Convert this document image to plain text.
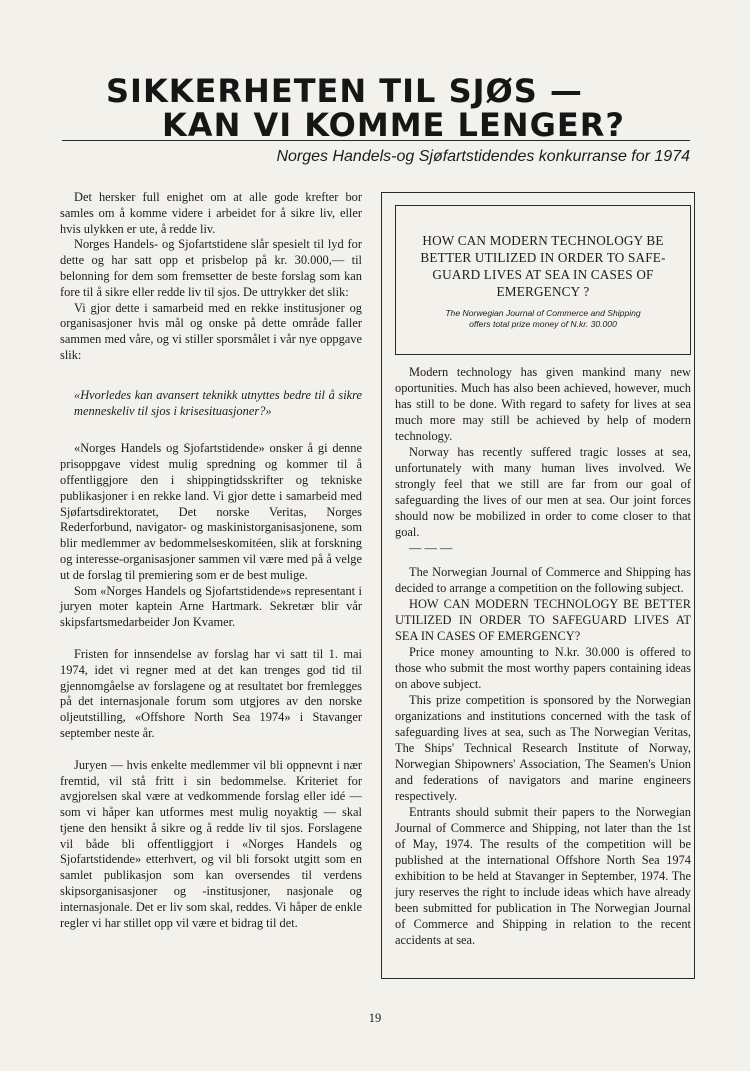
SIKKERHETEN TIL SJØS —
KAN VI KOMME LENGER?
Norges Handels-og Sjøfartstidendes konkurranse for 1974

Det hersker full enighet om at alle gode krefter bor samles om å komme videre i arbeidet for å sikre liv, eller hvis ulykken er ute, å redde liv.

Norges Handels- og Sjofartstidene slår spesielt til lyd for dette og har satt opp et prisbelop på kr. 30.000,— til belonning for dem som fremsetter de beste forslag som kan fore til å sikre eller redde liv til sjos. De uttrykker det slik:

Vi gjor dette i samarbeid med en rekke institusjoner og organisasjoner hvis mål og onske på dette område faller sammen med våre, og vi stiller sporsmålet i vår nye oppgave slik:

«Hvorledes kan avansert teknikk utnyttes bedre til å sikre menneskeliv til sjos i krisesituasjoner?»

«Norges Handels og Sjofartstidende» onsker å gi denne prisoppgave videst mulig spredning og kommer til å offentliggjore den i shippingtidsskrifter og tekniske publikasjoner i en rekke land. Vi gjor dette i samarbeid med Sjøfartsdirektoratet, Det norske Veritas, Norges Rederforbund, navigator- og maskinistorganisasjonene, som blir medlemmer av bedommelseskomitéen, slik at forskning og interesse-organisasjoner sammen vil være med på å velge ut de forslag til premiering som er de best mulige.

Som «Norges Handels og Sjofartstidende»s representant i juryen moter kaptein Arne Hartmark. Sekretær blir vår skipsfartsmedarbeider Jon Kvamer.

Fristen for innsendelse av forslag har vi satt til 1. mai 1974, idet vi regner med at det kan trenges god tid til gjennomgåelse av forslagene og at resultatet bor fremlegges på det internasjonale forum som utgjores av den norske oljeutstilling, «Offshore North Sea 1974» i Stavanger september neste år.

Juryen — hvis enkelte medlemmer vil bli oppnevnt i nær fremtid, vil stå fritt i sin bedommelse. Kriteriet for avgjorelsen skal være at vedkommende forslag eller idé — som vi håper kan utformes mest mulig noyaktig — skal tjene den hensikt å sikre og å redde liv til sjos. Forslagene vil både bli offentliggjort i «Norges Handels og Sjofartstidende» etterhvert, og vil bli forsokt utgitt som en samlet publikasjon som kan oversendes til verdens skipsorganisasjoner og -institusjoner, nasjonale og internasjonale. Det er liv som skal, reddes. Vi håper de enkle regler vi har stillet opp vil være et bidrag til det.

HOW CAN MODERN TECHNOLOGY BE BETTER UTILIZED IN ORDER TO SAFE-GUARD LIVES AT SEA IN CASES OF EMERGENCY ?
The Norwegian Journal of Commerce and Shipping
offers total prize money of N.kr. 30.000

Modern technology has given mankind many new oportunities. Much has also been achieved, however, much has still to be done. With regard to safety for lives at sea much more may still be achieved by help of modern technology.

Norway has recently suffered tragic losses at sea, unfortunately with many human lives involved. We strongly feel that we still are far from our goal of safeguarding the lives of our men at sea. Our joint forces should now be mobilized in order to come closer to that goal.

— — —

The Norwegian Journal of Commerce and Shipping has decided to arrange a competition on the following subject.

HOW CAN MODERN TECHNOLOGY BE BETTER UTILIZED IN ORDER TO SAFEGUARD LIVES AT SEA IN CASES OF EMERGENCY?

Price money amounting to N.kr. 30.000 is offered to those who submit the most worthy papers containing ideas on above subject.

This prize competition is sponsored by the Norwegian organizations and institutions concerned with the task of safeguarding lives at sea, such as The Norwegian Veritas, The Ships' Technical Research Institute of Norway, Norwegian Shipowners' Association, The Seamen's Union and federations of navigators and marine engineers respectively.

Entrants should submit their papers to the Norwegian Journal of Commerce and Shipping, not later than the 1st of May, 1974. The results of the competition will be published at the international Offshore North Sea 1974 exhibition to be held at Stavanger in September, 1974. The jury reserves the right to include ideas which have already been submitted for publication in The Norwegian Journal of Commerce and Shipping in relation to the recent accidents at sea.

19
